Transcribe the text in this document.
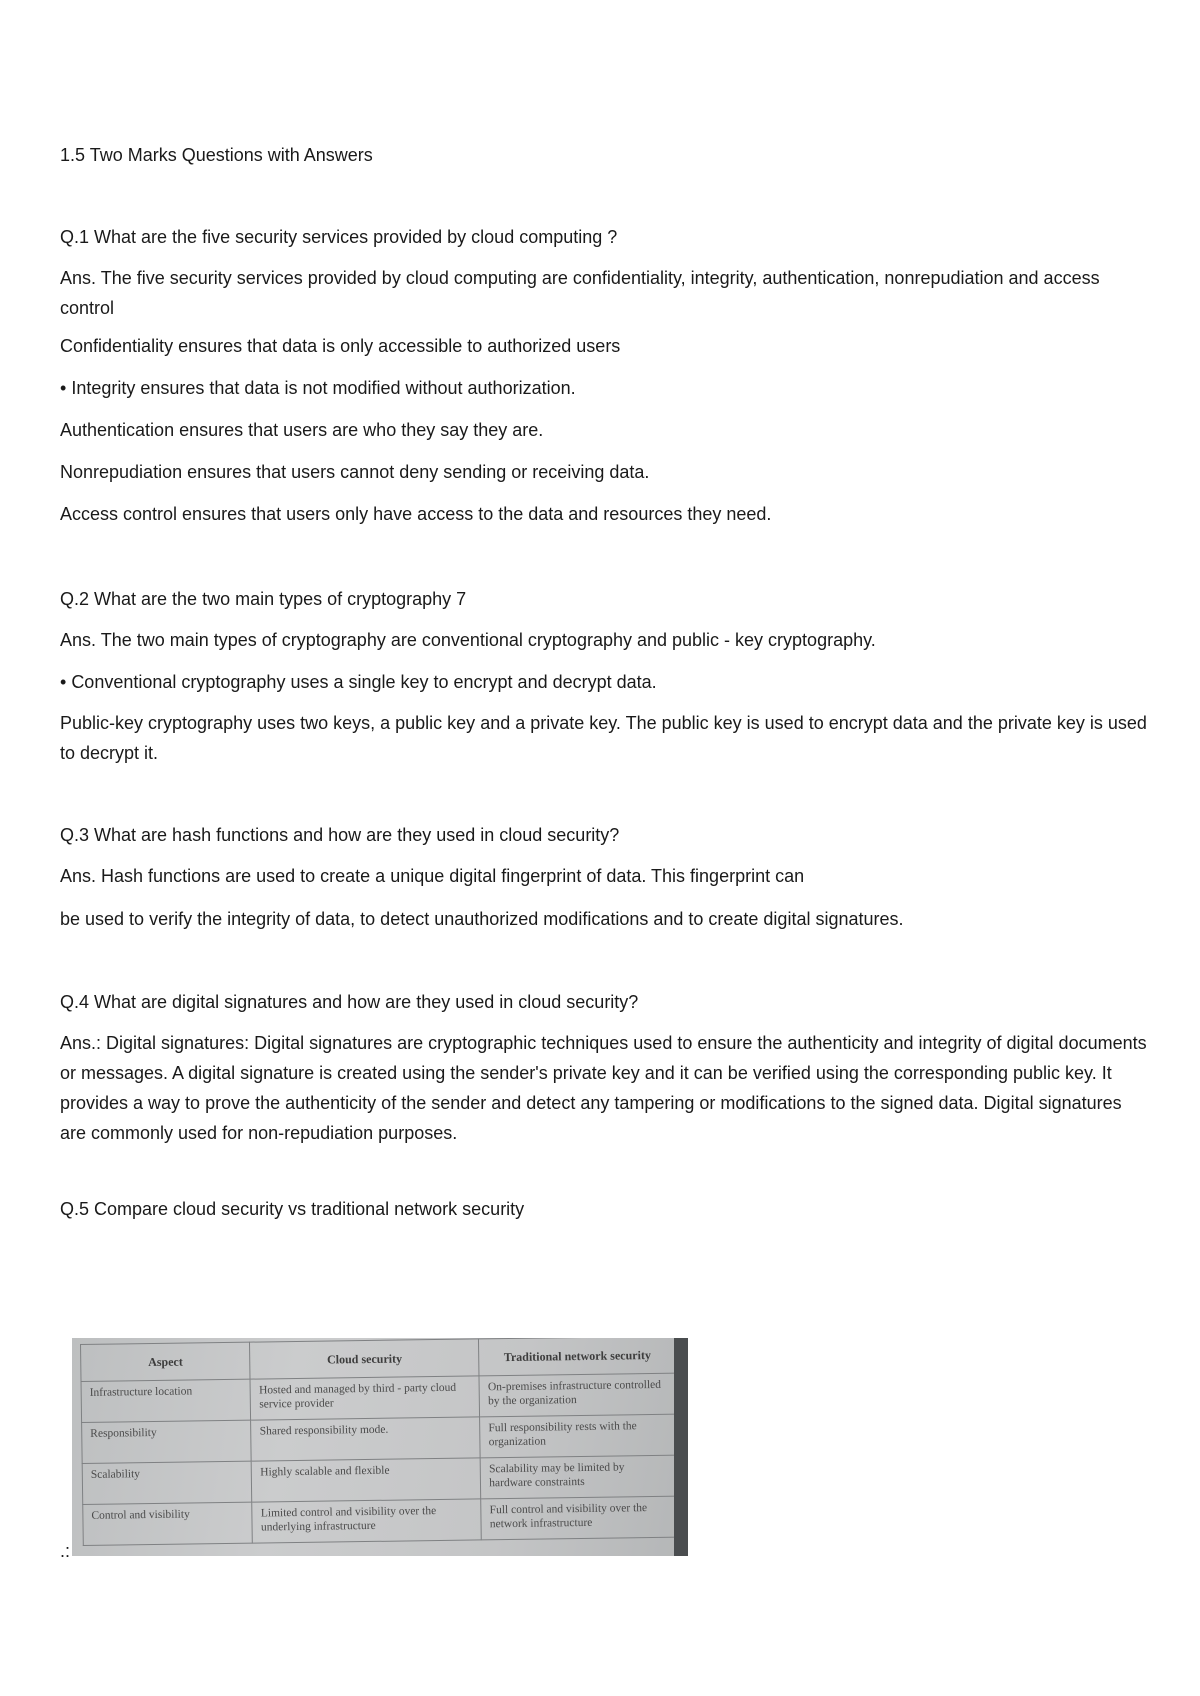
1.5 Two Marks Questions with Answers

Q.1 What are the five security services provided by cloud computing ?

Ans. The five security services provided by cloud computing are confidentiality, integrity, authentication, nonrepudiation and access control

Confidentiality ensures that data is only accessible to authorized users

• Integrity ensures that data is not modified without authorization.

Authentication ensures that users are who they say they are.

Nonrepudiation ensures that users cannot deny sending or receiving data.

Access control ensures that users only have access to the data and resources they need.

Q.2 What are the two main types of cryptography 7

Ans. The two main types of cryptography are conventional cryptography and public - key cryptography.

• Conventional cryptography uses a single key to encrypt and decrypt data.

Public-key cryptography uses two keys, a public key and a private key. The public key is used to encrypt data and the private key is used to decrypt it.

Q.3 What are hash functions and how are they used in cloud security?

Ans. Hash functions are used to create a unique digital fingerprint of data. This fingerprint can

be used to verify the integrity of data, to detect unauthorized modifications and to create digital signatures.

Q.4 What are digital signatures and how are they used in cloud security?

Ans.: Digital signatures: Digital signatures are cryptographic techniques used to ensure the authenticity and integrity of digital documents or messages. A digital signature is created using the sender's private key and it can be verified using the corresponding public key. It provides a way to prove the authenticity of the sender and detect any tampering or modifications to the signed data. Digital signatures are commonly used for non-repudiation purposes.

Q.5 Compare cloud security vs traditional network security

Aspect	Cloud security	Traditional network security
Infrastructure location	Hosted and managed by third - party cloud service provider	On-premises infrastructure controlled by the organization
Responsibility	Shared responsibility mode.	Full responsibility rests with the organization
Scalability	Highly scalable and flexible	Scalability may be limited by hardware constraints
Control and visibility	Limited control and visibility over the underlying infrastructure	Full control and visibility over the network infrastructure
.:
